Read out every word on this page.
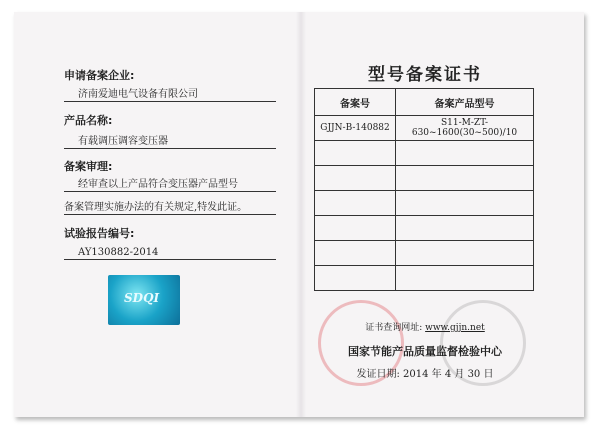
申请备案企业:
济南爱迪电气设备有限公司
产品名称:
有载调压调容变压器
备案审理:
经审查以上产品符合变压器产品型号
备案管理实施办法的有关规定,特发此证。
试验报告编号:
AY130882-2014
SDQI
型号备案证书
备案号	备案产品型号
GJJN-B-140882	S11-M-ZT-630~1600(30~500)/10

证书查询网址: www.gjjn.net
国家节能产品质量监督检验中心
发证日期: 2014 年 4 月 30 日
